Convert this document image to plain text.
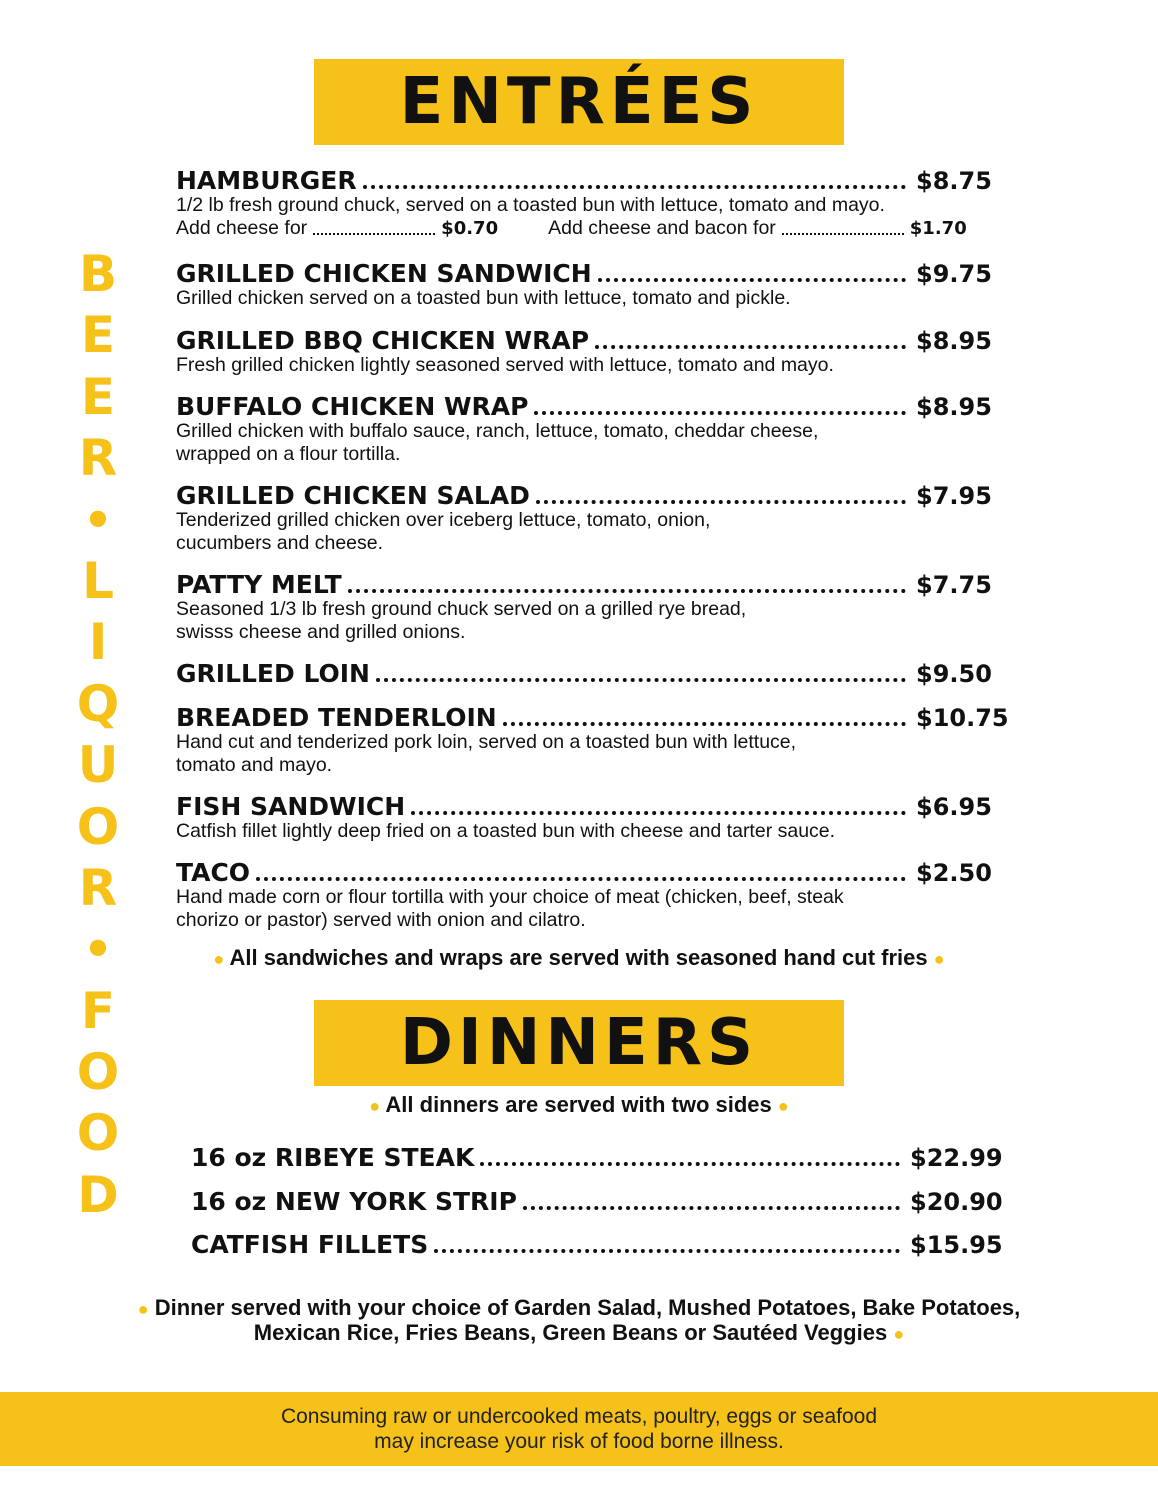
ENTRÉES
B
E
E
R
•
L
I
Q
U
O
R
•
F
O
O
D
HAMBURGER	$8.75
1/2 lb fresh ground chuck, served on a toasted bun with lettuce, tomato and mayo.
Add cheese for	$0.70	Add cheese and bacon for	$1.70
GRILLED CHICKEN SANDWICH	$9.75
Grilled chicken served on a toasted bun with lettuce, tomato and pickle.
GRILLED BBQ CHICKEN WRAP	$8.95
Fresh grilled chicken lightly seasoned served with lettuce, tomato and mayo.
BUFFALO CHICKEN WRAP	$8.95
Grilled chicken with buffalo sauce, ranch, lettuce, tomato, cheddar cheese, wrapped on a flour tortilla.
GRILLED CHICKEN SALAD	$7.95
Tenderized grilled chicken over iceberg lettuce, tomato, onion, cucumbers and cheese.
PATTY MELT	$7.75
Seasoned 1/3 lb fresh ground chuck served on a grilled rye bread, swisss cheese and grilled onions.
GRILLED LOIN	$9.50
BREADED TENDERLOIN	$10.75
Hand cut and tenderized pork loin, served on a toasted bun with lettuce, tomato and mayo.
FISH SANDWICH	$6.95
Catfish fillet lightly deep fried on a toasted bun with cheese and tarter sauce.
TACO	$2.50
Hand made corn or flour tortilla with your choice of meat (chicken, beef, steak chorizo or pastor) served with onion and cilatro.
● All sandwiches and wraps are served with seasoned hand cut fries ●
DINNERS
● All dinners are served with two sides ●
16 oz RIBEYE STEAK	$22.99
16 oz NEW YORK STRIP	$20.90
CATFISH FILLETS	$15.95
● Dinner served with your choice of Garden Salad, Mushed Potatoes, Bake Potatoes,
Mexican Rice, Fries Beans, Green Beans or Sautéed Veggies ●
Consuming raw or undercooked meats, poultry, eggs or seafood
may increase your risk of food borne illness.
